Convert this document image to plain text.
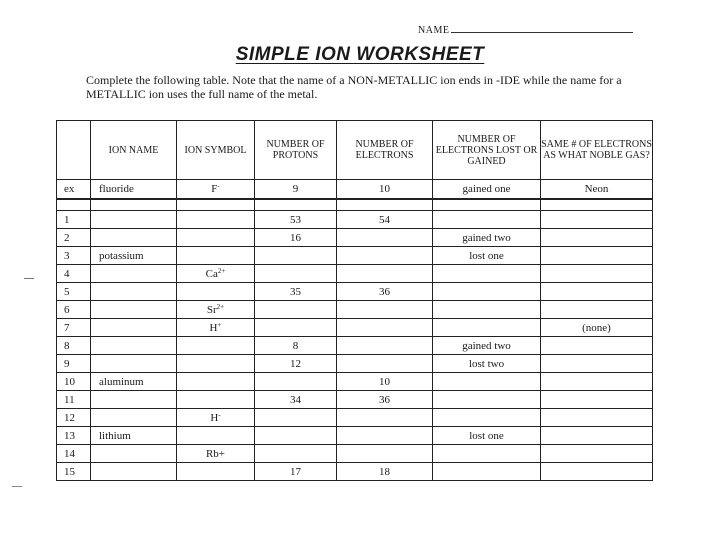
NAME
SIMPLE ION WORKSHEET
Complete the following table. Note that the name of a NON-METALLIC ion ends in -IDE while the name for a METALLIC ion uses the full name of the metal.
	ION NAME	ION SYMBOL	NUMBER OF PROTONS	NUMBER OF ELECTRONS	NUMBER OF ELECTRONS LOST OR GAINED	SAME # OF ELECTRONS AS WHAT NOBLE GAS?
ex	fluoride	F-	9	10	gained one	Neon

1			53	54		
2			16		gained two	
3	potassium				lost one	
4		$Ca^{2+}$				
5			35	36		
6		$Sr^{2+}$				
7		H+				(none)
8			8		gained two	
9			12		lost two	
10	aluminum			10		
11			34	36		
12		H-				
13	lithium				lost one	
14		Rb+				
15			17	18		
